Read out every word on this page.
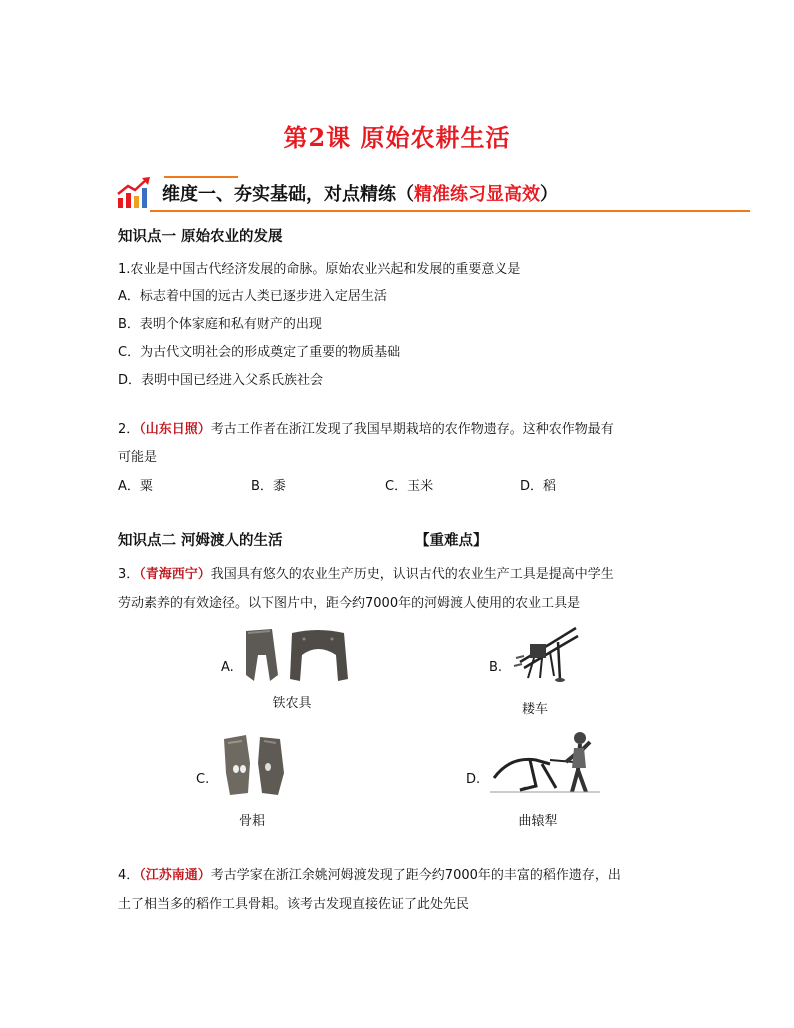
第2课 原始农耕生活
维度一、夯实基础，对点精练（精准练习显高效）
知识点一 原始农业的发展
1.农业是中国古代经济发展的命脉。原始农业兴起和发展的重要意义是
A．标志着中国的远古人类已逐步进入定居生活
B．表明个体家庭和私有财产的出现
C．为古代文明社会的形成奠定了重要的物质基础
D．表明中国已经进入父系氏族社会
2．（山东日照）考古工作者在浙江发现了我国早期栽培的农作物遗存。这种农作物最有
可能是
A．粟	B．黍	C．玉米	D．稻
知识点二 河姆渡人的生活	【重难点】
3．（青海西宁）我国具有悠久的农业生产历史，认识古代的农业生产工具是提高中学生
劳动素养的有效途径。以下图片中，距今约7000年的河姆渡人使用的农业工具是
A.
铁农具
B.
耧车
C.
骨耜
D.
曲辕犁
4．（江苏南通）考古学家在浙江余姚河姆渡发现了距今约7000年的丰富的稻作遗存，出
土了相当多的稻作工具骨耜。该考古发现直接佐证了此处先民
